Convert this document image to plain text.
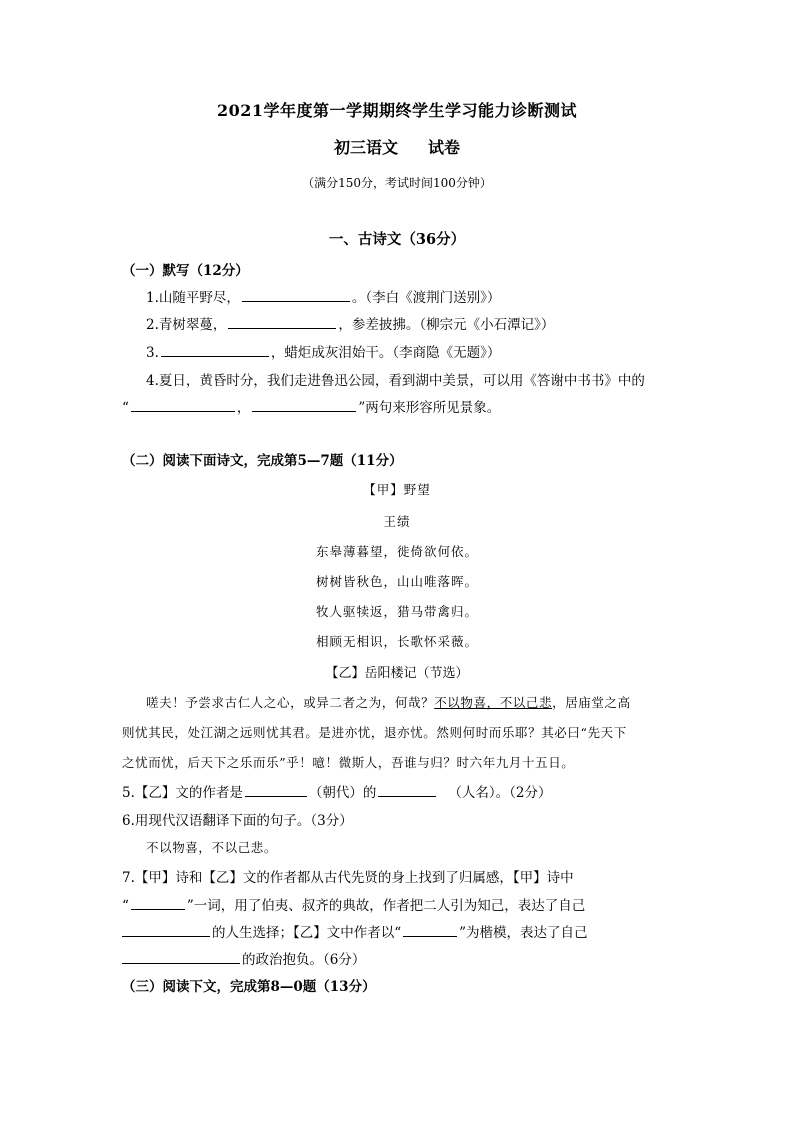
2021学年度第一学期期终学生学习能力诊断测试
初三语文 试卷
（满分150分，考试时间100分钟）
一、古诗文（36分）
（一）默写（12分）
1.山随平野尽，	。（李白《渡荆门送别》）
2.青树翠蔓，	，参差披拂。（柳宗元《小石潭记》）
3.	，蜡炬成灰泪始干。（李商隐《无题》）
4.夏日，黄昏时分，我们走进鲁迅公园，看到湖中美景，可以用《答谢中书书》中的
“	，	”两句来形容所见景象。
（二）阅读下面诗文，完成第5—7题（11分）
【甲】野望
王绩
东皋薄暮望，徙倚欲何依。
树树皆秋色，山山唯落晖。
牧人驱犊返，猎马带禽归。
相顾无相识，长歌怀采薇。
【乙】岳阳楼记（节选）
嗟夫！予尝求古仁人之心，或异二者之为，何哉？不以物喜，不以己悲，居庙堂之高
则忧其民，处江湖之远则忧其君。是进亦忧，退亦忧。然则何时而乐耶？其必曰“先天下
之忧而忧，后天下之乐而乐”乎！噫！微斯人，吾谁与归？时六年九月十五日。
5.【乙】文的作者是	（朝代）的	（人名）。（2分）
6.用现代汉语翻译下面的句子。（3分）
不以物喜，不以己悲。
7.【甲】诗和【乙】文的作者都从古代先贤的身上找到了归属感，【甲】诗中
“	”一词，用了伯夷、叔齐的典故，作者把二人引为知己，表达了自己
的人生选择；【乙】文中作者以“	”为楷模，表达了自己
的政治抱负。（6分）
（三）阅读下文，完成第8—0题（13分）
